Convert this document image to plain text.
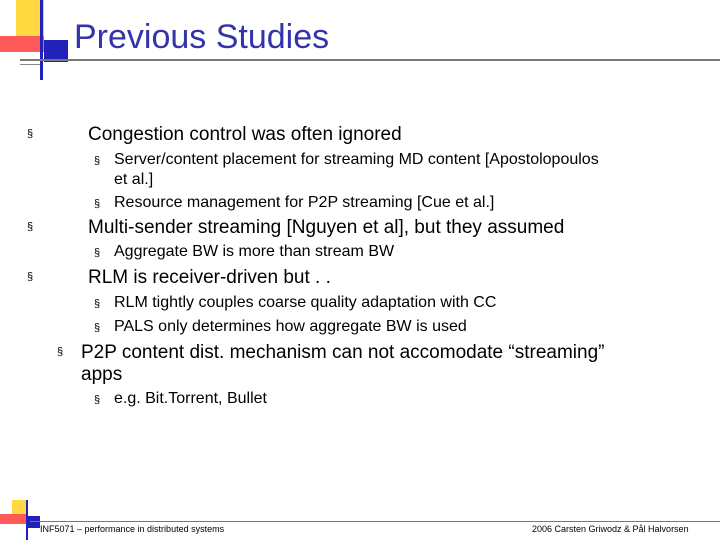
Previous Studies
§	Congestion control was often ignored
§ Server/content placement for streaming MD content [Apostolopoulos
et al.]
§ Resource management for P2P streaming [Cue et al.]
§	Multi-sender streaming [Nguyen et al], but they assumed
§ Aggregate BW is more than stream BW
§	RLM is receiver-driven but . .
§ RLM tightly couples coarse quality adaptation with CC
§ PALS only determines how aggregate BW is used
§ P2P content dist. mechanism can not accomodate “streaming”
apps
§ e.g. Bit.Torrent, Bullet
INF5071 – performance in distributed systems	2006 Carsten Griwodz & Pål Halvorsen
